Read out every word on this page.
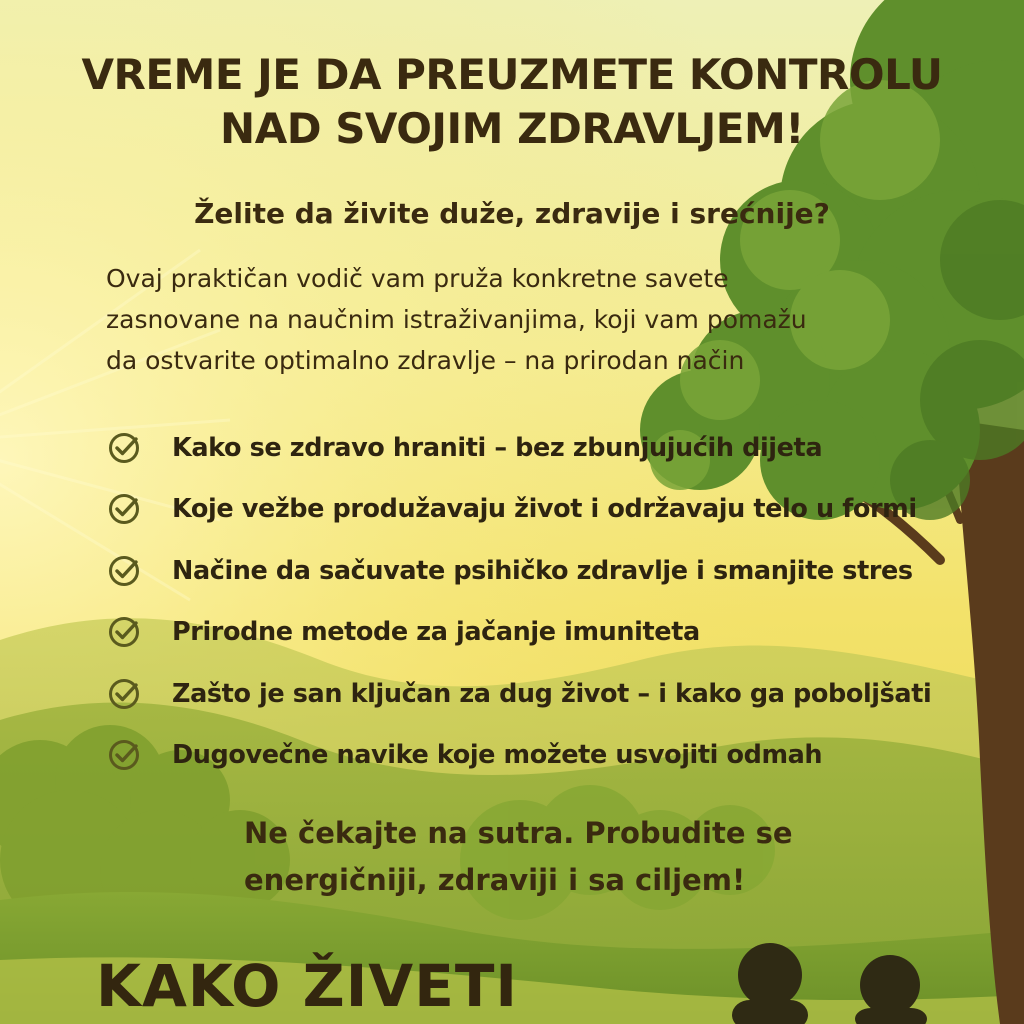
VREME JE DA PREUZMETE KONTROLU
NAD SVOJIM ZDRAVLJEM!
Želite da živite duže, zdravije i srećnije?

Ovaj praktičan vodič vam pruža konkretne savete
zasnovane na naučnim istraživanjima, koji vam pomažu
da ostvarite optimalno zdravlje – na prirodan način

Kako se zdravo hraniti – bez zbunjujućih dijeta
Koje vežbe produžavaju život i održavaju telo u formi
Načine da sačuvate psihičko zdravlje i smanjite stres
Prirodne metode za jačanje imuniteta
Zašto je san ključan za dug život – i kako ga poboljšati
Dugovečne navike koje možete usvojiti odmah

Ne čekajte na sutra. Probudite se
energičniji, zdraviji i sa ciljem!

KAKO ŽIVETI
